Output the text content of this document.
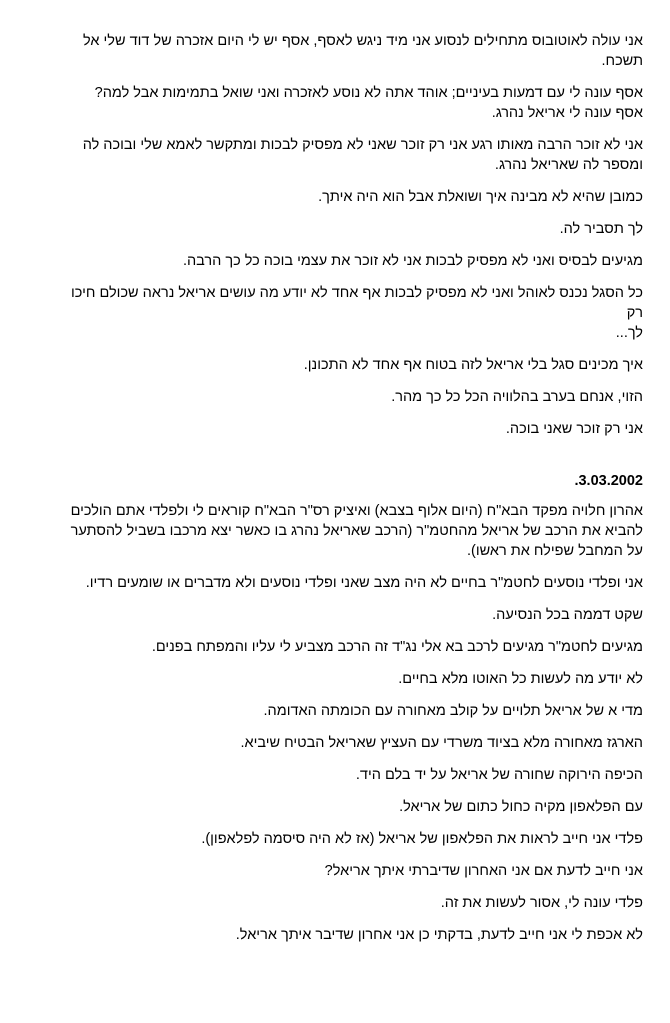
אני עולה לאוטובוס מתחילים לנסוע אני מיד ניגש לאסף, אסף יש לי היום אזכרה של דוד שלי אל
תשכח.
אסף עונה לי עם דמעות בעיניים; אוהד אתה לא נוסע לאזכרה ואני שואל בתמימות אבל למה?
אסף עונה לי אריאל נהרג.
אני לא זוכר הרבה מאותו רגע אני רק זוכר שאני לא מפסיק לבכות ומתקשר לאמא שלי ובוכה לה
ומספר לה שאריאל נהרג.
כמובן שהיא לא מבינה איך ושואלת אבל הוא היה איתך.
לך תסביר לה.
מגיעים לבסיס ואני לא מפסיק לבכות אני לא זוכר את עצמי בוכה כל כך הרבה.
כל הסגל נכנס לאוהל ואני לא מפסיק לבכות אף אחד לא יודע מה עושים אריאל נראה שכולם חיכו רק
לך...
איך מכינים סגל בלי אריאל לזה בטוח אף אחד לא התכונן.
הזוי, אנחם בערב בהלוויה הכל כל כך מהר.
אני רק זוכר שאני בוכה.
.3.03.2002
אהרון חלויה מפקד הבא"ח (היום אלוף בצבא) ואיציק רס"ר הבא"ח קוראים לי ולפלדי אתם הולכים
להביא את הרכב של אריאל מהחטמ"ר (הרכב שאריאל נהרג בו כאשר יצא מרכבו בשביל להסתער
על המחבל שפילח את ראשו).
אני ופלדי נוסעים לחטמ"ר בחיים לא היה מצב שאני ופלדי נוסעים ולא מדברים או שומעים רדיו.
שקט דממה בכל הנסיעה.
מגיעים לחטמ"ר מגיעים לרכב בא אלי נג"ד זה הרכב מצביע לי עליו והמפתח בפנים.
לא יודע מה לעשות כל האוטו מלא בחיים.
מדי א של אריאל תלויים על קולב מאחורה עם הכומתה האדומה.
הארגז מאחורה מלא בציוד משרדי עם העציץ שאריאל הבטיח שיביא.
הכיפה הירוקה שחורה של אריאל על יד בלם היד.
עם הפלאפון מקיה כחול כתום של אריאל.
פלדי אני חייב לראות את הפלאפון של אריאל (אז לא היה סיסמה לפלאפון).
אני חייב לדעת אם אני האחרון שדיברתי איתך אריאל?
פלדי עונה לי, אסור לעשות את זה.
לא אכפת לי אני חייב לדעת, בדקתי כן אני אחרון שדיבר איתך אריאל.
